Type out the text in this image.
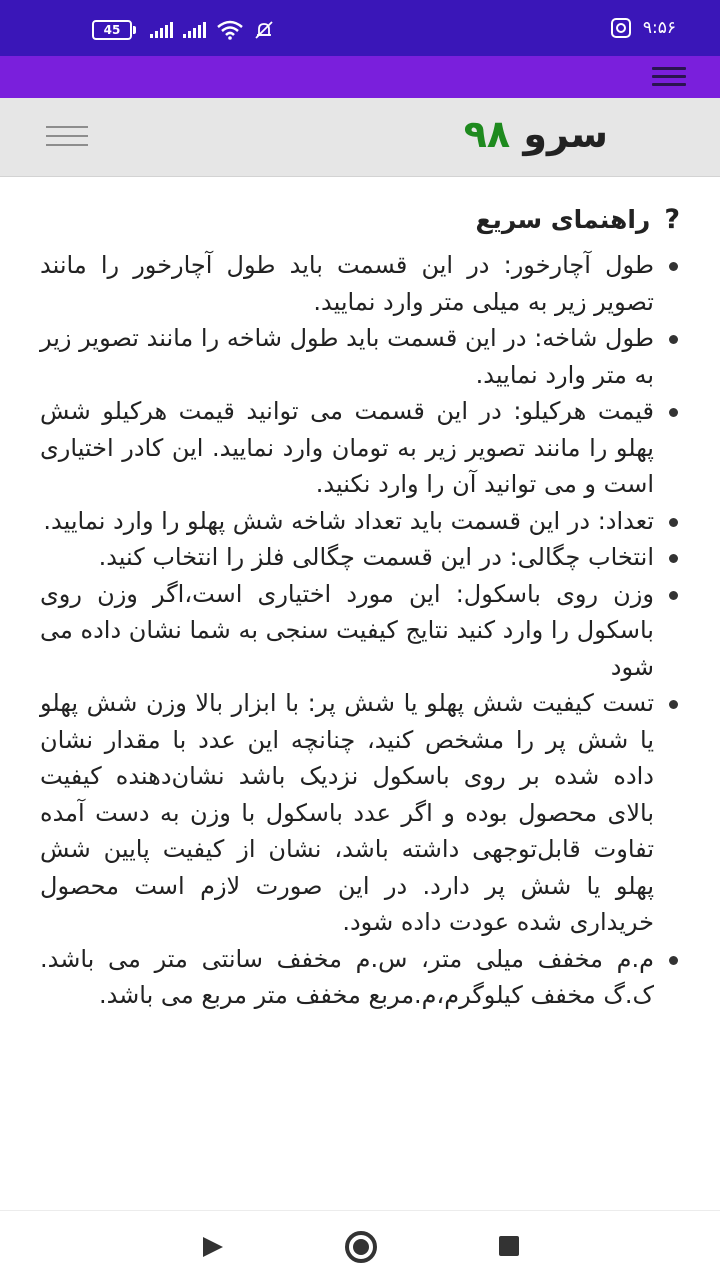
45	۹:۵۶
سرو ۹۸
?
راهنمای سریع
طول آچارخور: در این قسمت باید طول آچارخور را مانند تصویر زیر به میلی متر وارد نمایید.
طول شاخه: در این قسمت باید طول شاخه را مانند تصویر زیر به متر وارد نمایید.
قیمت هرکیلو: در این قسمت می توانید قیمت هرکیلو شش پهلو را مانند تصویر زیر به تومان وارد نمایید. این کادر اختیاری است و می توانید آن را وارد نکنید.
تعداد: در این قسمت باید تعداد شاخه شش پهلو را وارد نمایید.
انتخاب چگالی: در این قسمت چگالی فلز را انتخاب کنید.
وزن روی باسکول: این مورد اختیاری است،اگر وزن روی باسکول را وارد کنید نتایج کیفیت سنجی به شما نشان داده می شود
تست کیفیت شش پهلو یا شش پر: با ابزار بالا وزن شش پهلو یا شش پر را مشخص کنید، چنانچه این عدد با مقدار نشان داده شده بر روی باسکول نزدیک باشد نشان‌دهنده کیفیت بالای محصول بوده و اگر عدد باسکول با وزن به دست آمده تفاوت قابل‌توجهی داشته باشد، نشان از کیفیت پایین شش پهلو یا شش پر دارد. در این صورت لازم است محصول خریداری شده عودت داده شود.
م.م مخفف میلی متر، س.م مخفف سانتی متر می باشد. ک.گ مخفف کیلوگرم،م.مربع مخفف متر مربع می باشد.
